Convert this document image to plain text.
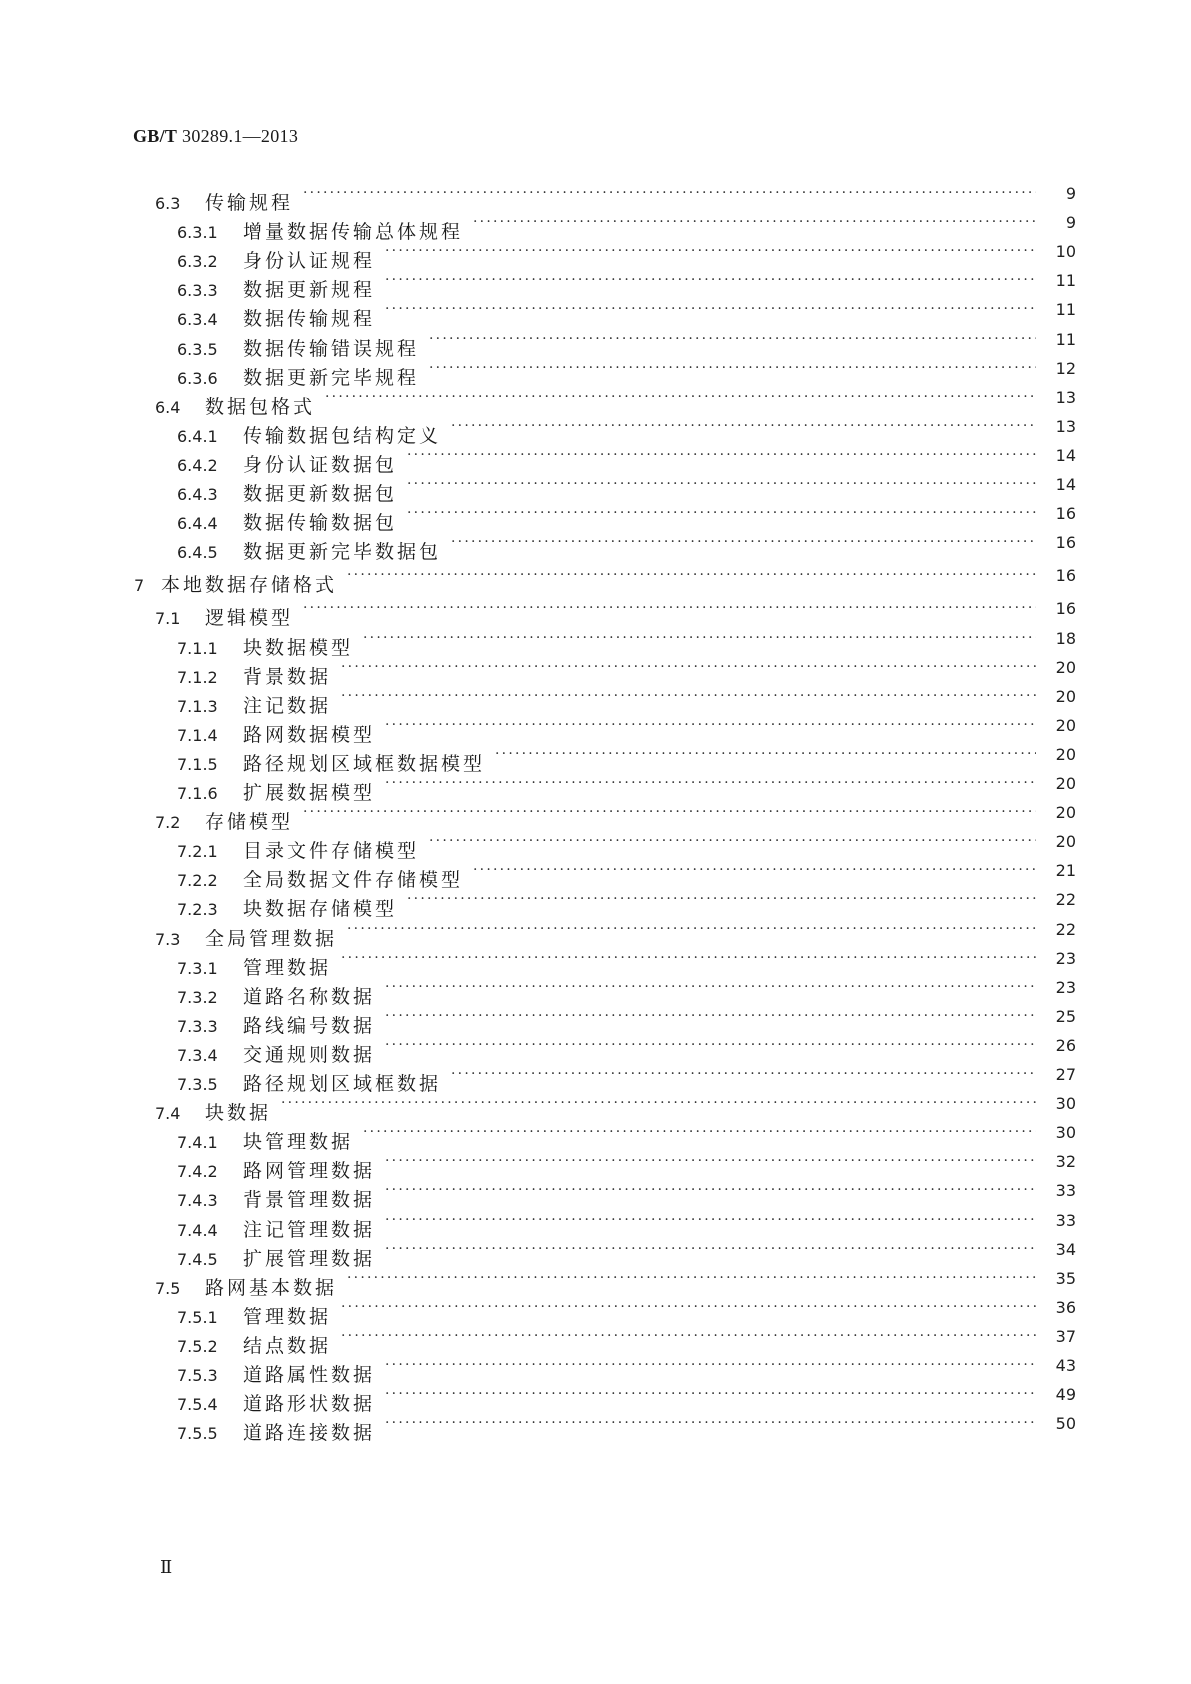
GB/T 30289.1—2013
6.3	传输规程 ·····	9
6.3.1	增量数据传输总体规程 ·····	9
6.3.2	身份认证规程 ·····	10
6.3.3	数据更新规程 ·····	11
6.3.4	数据传输规程 ·····	11
6.3.5	数据传输错误规程 ·····	11
6.3.6	数据更新完毕规程 ·····	12
6.4	数据包格式 ·····	13
6.4.1	传输数据包结构定义 ·····	13
6.4.2	身份认证数据包 ·····	14
6.4.3	数据更新数据包 ·····	14
6.4.4	数据传输数据包 ·····	16
6.4.5	数据更新完毕数据包 ·····	16
7 本地数据存储格式 ·····	16
7.1	逻辑模型 ·····	16
7.1.1	块数据模型 ·····	18
7.1.2	背景数据 ·····	20
7.1.3	注记数据 ·····	20
7.1.4	路网数据模型 ·····	20
7.1.5	路径规划区域框数据模型 ·····	20
7.1.6	扩展数据模型 ·····	20
7.2	存储模型 ·····	20
7.2.1	目录文件存储模型 ·····	20
7.2.2	全局数据文件存储模型 ·····	21
7.2.3	块数据存储模型 ·····	22
7.3	全局管理数据 ·····	22
7.3.1	管理数据 ·····	23
7.3.2	道路名称数据 ·····	23
7.3.3	路线编号数据 ·····	25
7.3.4	交通规则数据 ·····	26
7.3.5	路径规划区域框数据 ·····	27
7.4	块数据 ·····	30
7.4.1	块管理数据 ·····	30
7.4.2	路网管理数据 ·····	32
7.4.3	背景管理数据 ·····	33
7.4.4	注记管理数据 ·····	33
7.4.5	扩展管理数据 ·····	34
7.5	路网基本数据 ·····	35
7.5.1	管理数据 ·····	36
7.5.2	结点数据 ·····	37
7.5.3	道路属性数据 ·····	43
7.5.4	道路形状数据 ·····	49
7.5.5	道路连接数据 ·····	50
Ⅱ
